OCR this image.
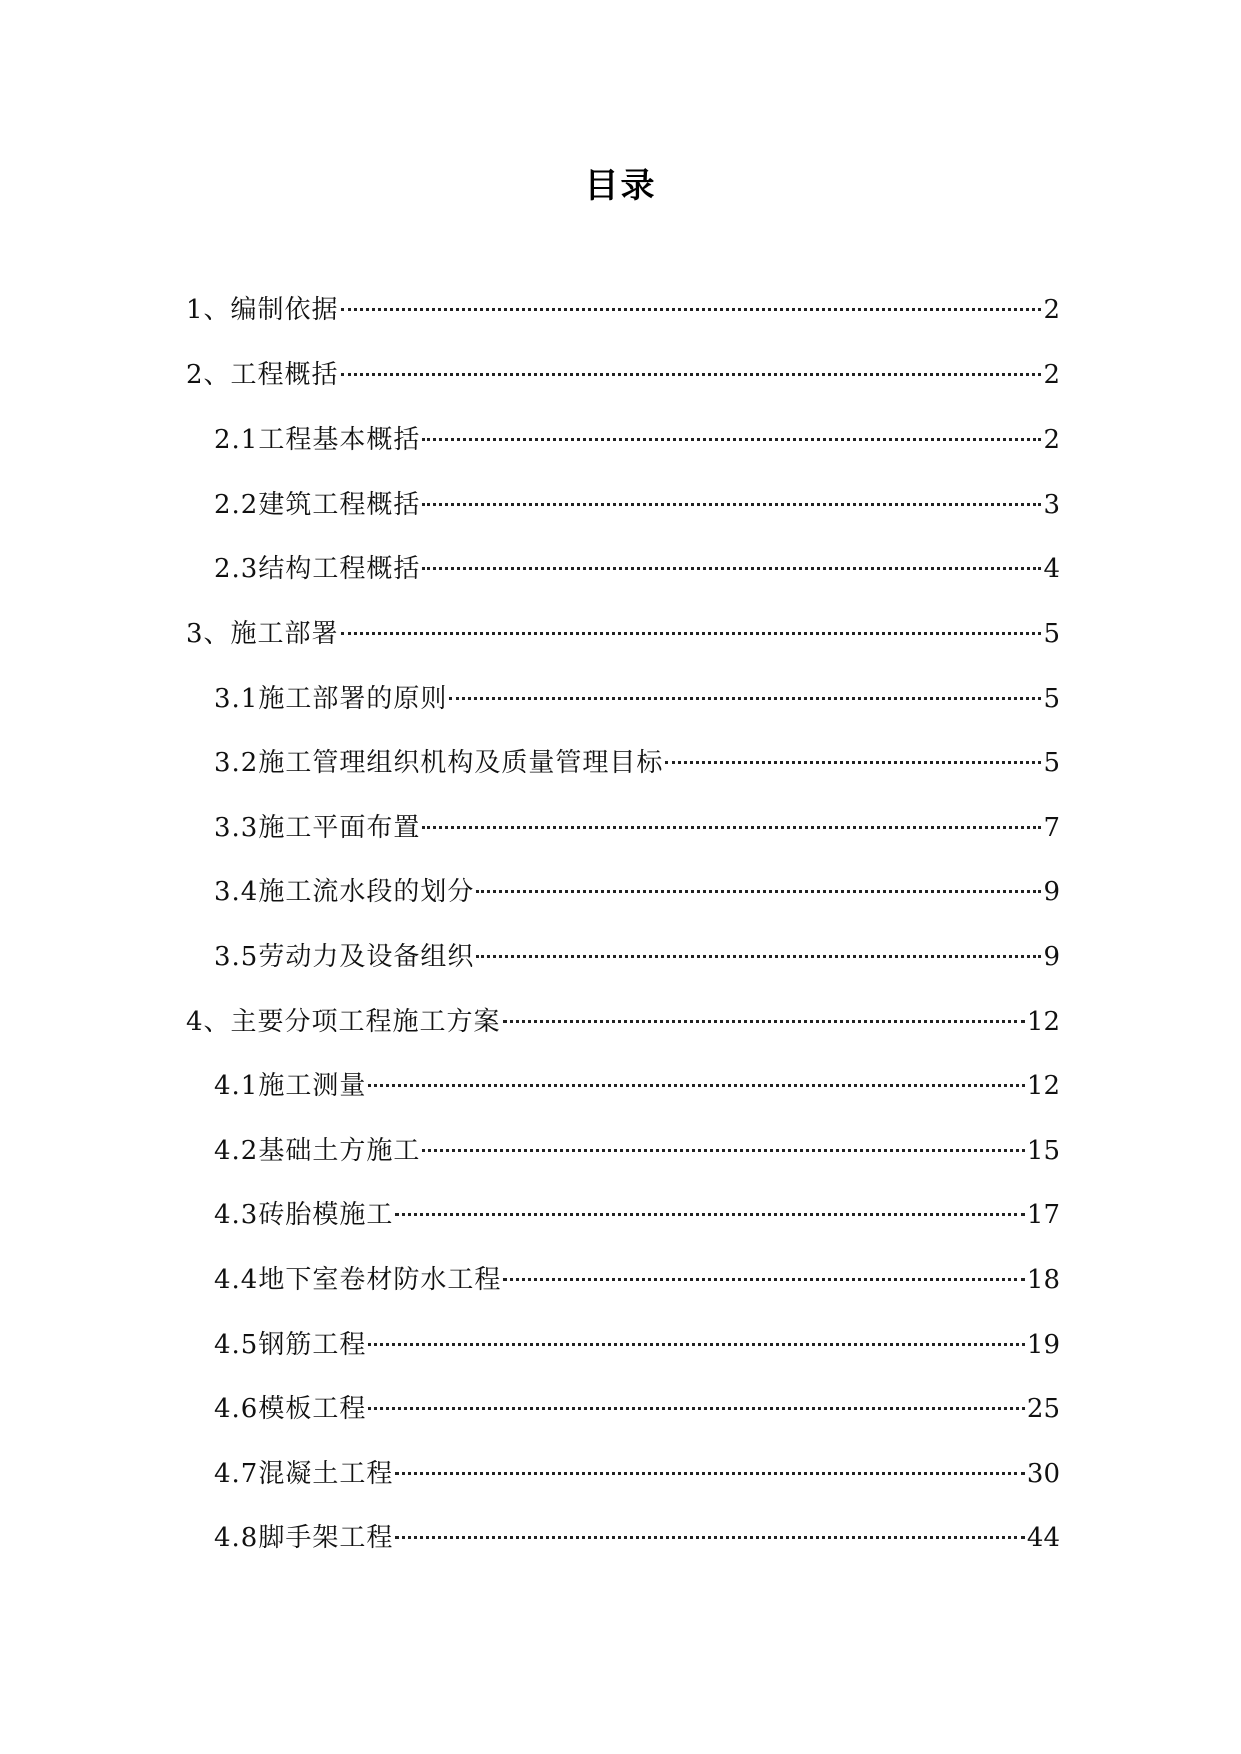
目录
1、编制依据	2
2、工程概括	2
2.1工程基本概括	2
2.2建筑工程概括	3
2.3结构工程概括	4
3、施工部署	5
3.1施工部署的原则	5
3.2施工管理组织机构及质量管理目标	5
3.3施工平面布置	7
3.4施工流水段的划分	9
3.5劳动力及设备组织	9
4、主要分项工程施工方案	12
4.1施工测量	12
4.2基础土方施工	15
4.3砖胎模施工	17
4.4地下室卷材防水工程	18
4.5钢筋工程	19
4.6模板工程	25
4.7混凝土工程	30
4.8脚手架工程	44
